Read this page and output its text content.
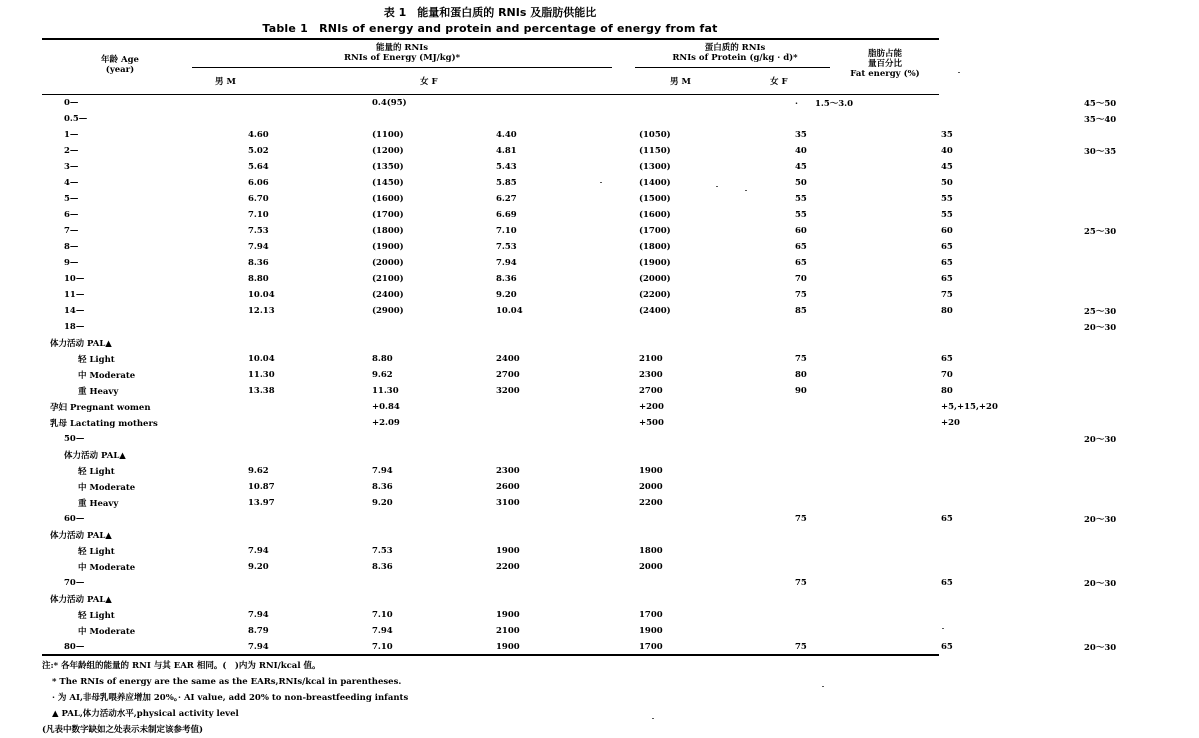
表 1　能量和蛋白质的 RNIs 及脂肪供能比
Table 1　RNIs of energy and protein and percentage of energy from fat
年龄 Age
(year)
能量的 RNIs
RNIs of Energy (MJ/kg)*
蛋白质的 RNIs
RNIs of Protein (g/kg · d)*	脂肪占能
量百分比
Fat energy (%)
男 M	女 F	男 M	女 F
0—		0.4(95)			·　　1.5～3.0		45～50
0.5—							35～40
1—	4.60	(1100)	4.40	(1050)	35	35	
2—	5.02	(1200)	4.81	(1150)	40	40	30～35
3—	5.64	(1350)	5.43	(1300)	45	45	
4—	6.06	(1450)	5.85	(1400)	50	50	
5—	6.70	(1600)	6.27	(1500)	55	55	
6—	7.10	(1700)	6.69	(1600)	55	55	
7—	7.53	(1800)	7.10	(1700)	60	60	25～30
8—	7.94	(1900)	7.53	(1800)	65	65	
9—	8.36	(2000)	7.94	(1900)	65	65	
10—	8.80	(2100)	8.36	(2000)	70	65	
11—	10.04	(2400)	9.20	(2200)	75	75	
14—	12.13	(2900)	10.04	(2400)	85	80	25～30
18—							20～30
体力活动 PAL▲							
轻 Light	10.04	8.80	2400	2100	75	65	
中 Moderate	11.30	9.62	2700	2300	80	70	
重 Heavy	13.38	11.30	3200	2700	90	80	
孕妇 Pregnant women		+0.84		+200		+5,+15,+20	
乳母 Lactating mothers		+2.09		+500		+20	
50—							20～30
体力活动 PAL▲							
轻 Light	9.62	7.94	2300	1900			
中 Moderate	10.87	8.36	2600	2000			
重 Heavy	13.97	9.20	3100	2200			
60—					75	65	20～30
体力活动 PAL▲							
轻 Light	7.94	7.53	1900	1800			
中 Moderate	9.20	8.36	2200	2000			
70—					75	65	20～30
体力活动 PAL▲							
轻 Light	7.94	7.10	1900	1700			
中 Moderate	8.79	7.94	2100	1900			
80—	7.94	7.10	1900	1700	75	65	20～30
注:* 各年龄组的能量的 RNI 与其 EAR 相同。(　)内为 RNI/kcal 值。
* The RNIs of energy are the same as the EARs,RNIs/kcal in parentheses.
· 为 AI,非母乳喂养应增加 20%。· AI value, add 20% to non-breastfeeding infants
▲ PAL,体力活动水平,physical activity level
(凡表中数字缺如之处表示未制定该参考值)
